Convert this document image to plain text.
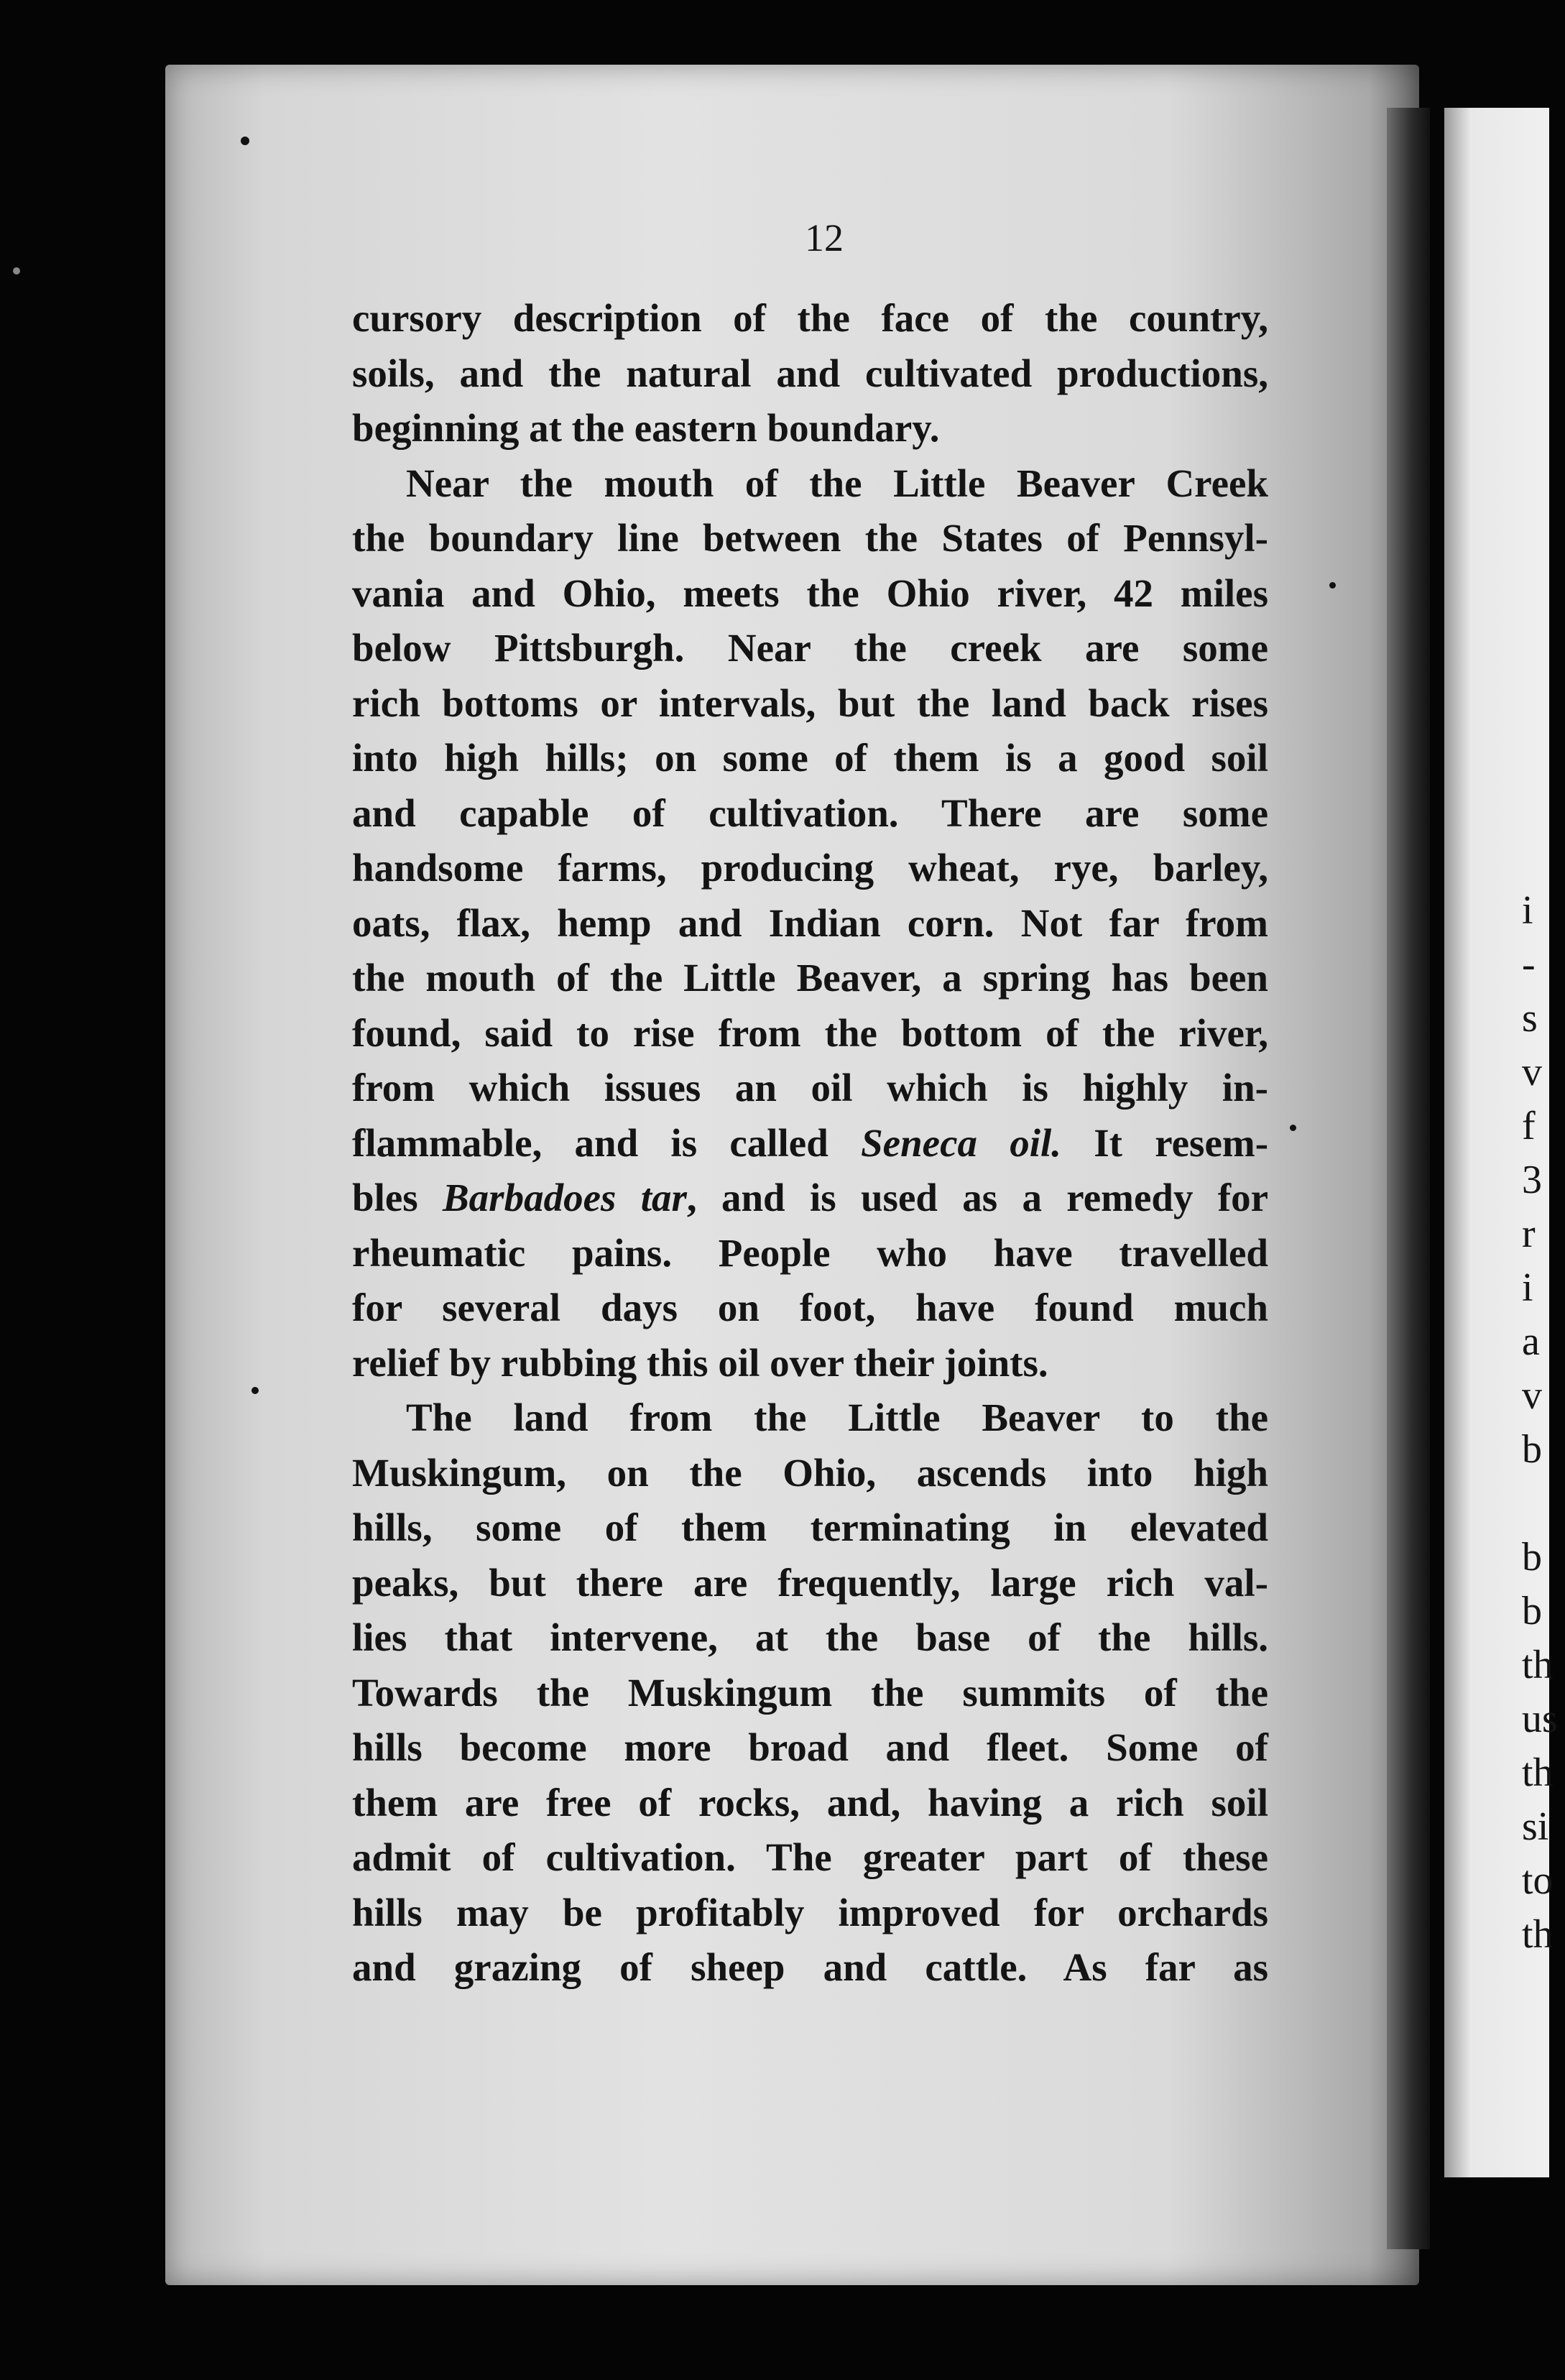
i
-
s
v
f
3
r
i
a
v
b
b
b
th
us
th
si
to
th
12

cursory description of the face of the country,
soils, and the natural and cultivated productions,
beginning at the eastern boundary.

Near the mouth of the Little Beaver Creek
the boundary line between the States of Pennsyl-
vania and Ohio, meets the Ohio river, 42 miles
below Pittsburgh. Near the creek are some
rich bottoms or intervals, but the land back rises
into high hills; on some of them is a good soil
and capable of cultivation. There are some
handsome farms, producing wheat, rye, barley,
oats, flax, hemp and Indian corn. Not far from
the mouth of the Little Beaver, a spring has been
found, said to rise from the bottom of the river,
from which issues an oil which is highly in-
flammable, and is called Seneca oil. It resem-
bles Barbadoes tar, and is used as a remedy for
rheumatic pains. People who have travelled
for several days on foot, have found much
relief by rubbing this oil over their joints.

The land from the Little Beaver to the
Muskingum, on the Ohio, ascends into high
hills, some of them terminating in elevated
peaks, but there are frequently, large rich val-
lies that intervene, at the base of the hills.
Towards the Muskingum the summits of the
hills become more broad and fleet. Some of
them are free of rocks, and, having a rich soil
admit of cultivation. The greater part of these
hills may be profitably improved for orchards
and grazing of sheep and cattle. As far as
